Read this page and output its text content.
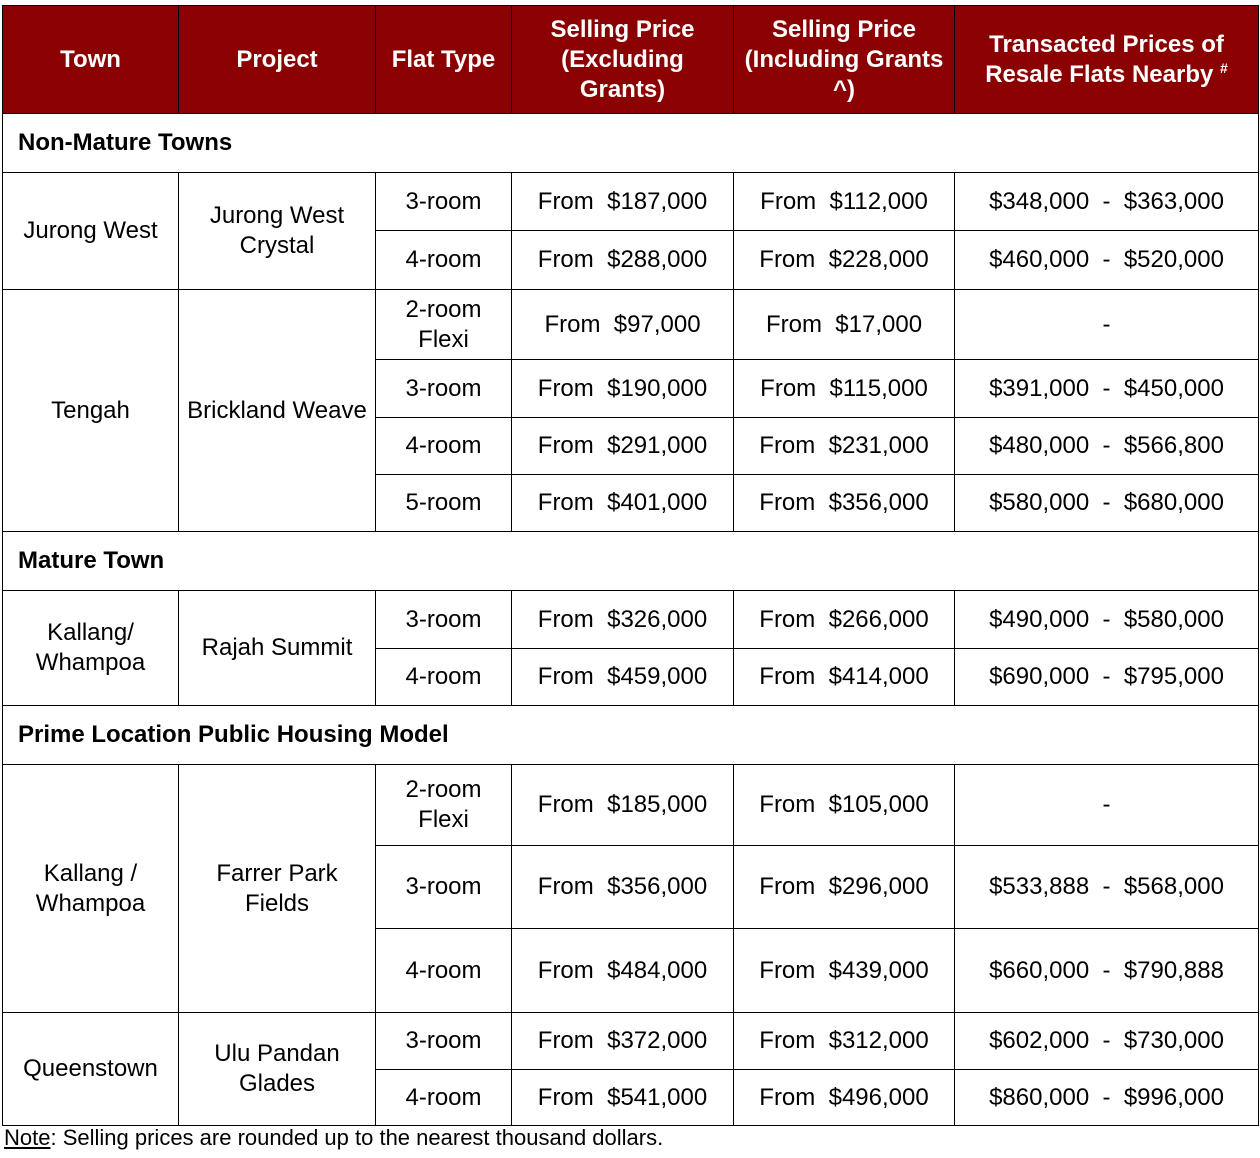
Town	Project	Flat Type	Selling Price (Excluding Grants)	Selling Price (Including Grants ^)	Transacted Prices of Resale Flats Nearby #
Non-Mature Towns					
Jurong West	Jurong West Crystal	3-room	From  $187,000	From  $112,000	$348,000  -  $363,000
		4-room	From  $288,000	From  $228,000	$460,000  -  $520,000
Tengah	Brickland Weave	2-room Flexi	From  $97,000	From  $17,000	-
		3-room	From  $190,000	From  $115,000	$391,000  -  $450,000
		4-room	From  $291,000	From  $231,000	$480,000  -  $566,800
		5-room	From  $401,000	From  $356,000	$580,000  -  $680,000
Mature Town					
Kallang/ Whampoa	Rajah Summit	3-room	From  $326,000	From  $266,000	$490,000  -  $580,000
		4-room	From  $459,000	From  $414,000	$690,000  -  $795,000
Prime Location Public Housing Model					
Kallang / Whampoa	Farrer Park Fields	2-room Flexi	From  $185,000	From  $105,000	-
		3-room	From  $356,000	From  $296,000	$533,888  -  $568,000
		4-room	From  $484,000	From  $439,000	$660,000  -  $790,888
Queenstown	Ulu Pandan Glades	3-room	From  $372,000	From  $312,000	$602,000  -  $730,000
		4-room	From  $541,000	From  $496,000	$860,000  -  $996,000
Note: Selling prices are rounded up to the nearest thousand dollars.
